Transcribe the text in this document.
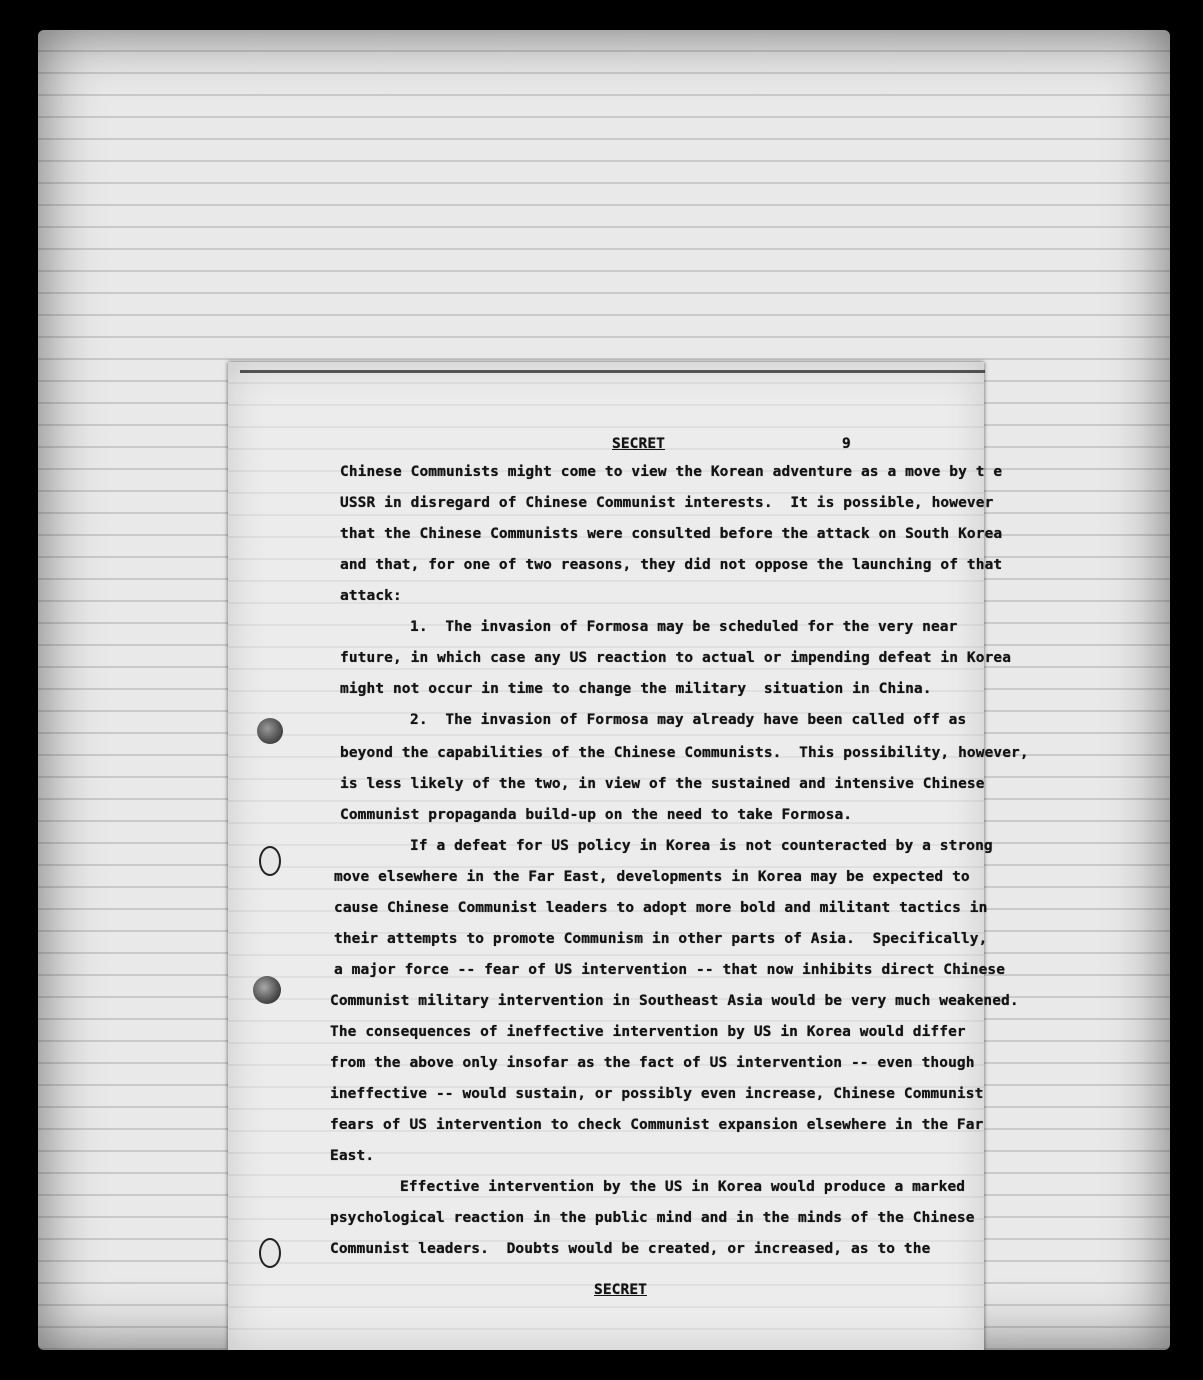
SECRET	9
Chinese Communists might come to view the Korean adventure as a move by t e
USSR in disregard of Chinese Communist interests.  It is possible, however
that the Chinese Communists were consulted before the attack on South Korea
and that, for one of two reasons, they did not oppose the launching of that
attack:
1.  The invasion of Formosa may be scheduled for the very near
future, in which case any US reaction to actual or impending defeat in Korea
might not occur in time to change the military  situation in China.
2.  The invasion of Formosa may already have been called off as
beyond the capabilities of the Chinese Communists.  This possibility, however,
is less likely of the two, in view of the sustained and intensive Chinese
Communist propaganda build-up on the need to take Formosa.
If a defeat for US policy in Korea is not counteracted by a strong
move elsewhere in the Far East, developments in Korea may be expected to
cause Chinese Communist leaders to adopt more bold and militant tactics in
their attempts to promote Communism in other parts of Asia.  Specifically,
a major force -- fear of US intervention -- that now inhibits direct Chinese
Communist military intervention in Southeast Asia would be very much weakened.
The consequences of ineffective intervention by US in Korea would differ
from the above only insofar as the fact of US intervention -- even though
ineffective -- would sustain, or possibly even increase, Chinese Communist
fears of US intervention to check Communist expansion elsewhere in the Far
East.
Effective intervention by the US in Korea would produce a marked
psychological reaction in the public mind and in the minds of the Chinese
Communist leaders.  Doubts would be created, or increased, as to the
SECRET
